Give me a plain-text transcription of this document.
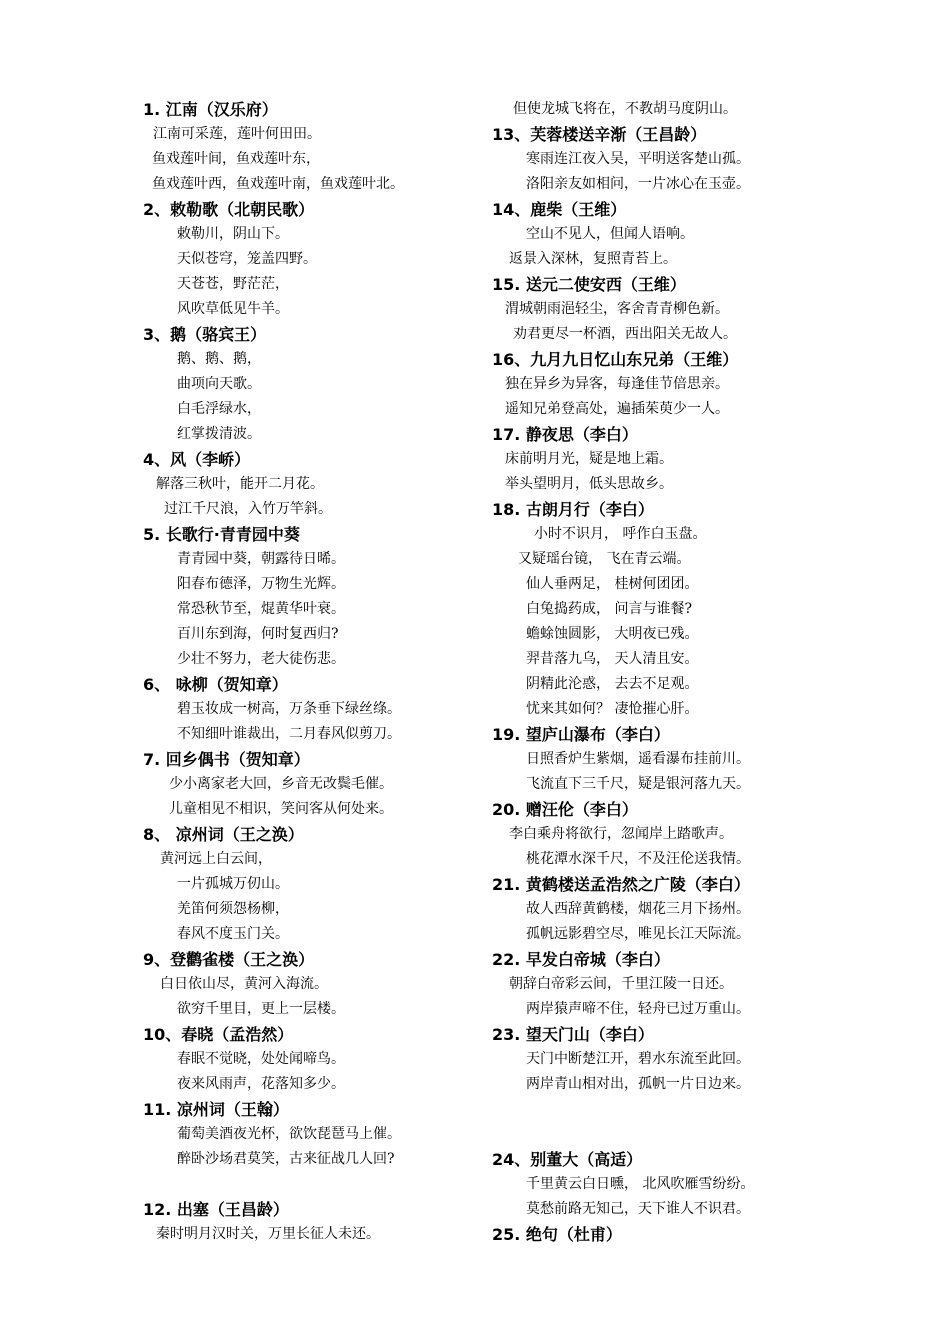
1. 江南（汉乐府）
江南可采莲，莲叶何田田。
鱼戏莲叶间，鱼戏莲叶东，
鱼戏莲叶西，鱼戏莲叶南，鱼戏莲叶北。
2、敕勒歌（北朝民歌）
敕勒川，阴山下。
天似苍穹，笼盖四野。
天苍苍，野茫茫，
风吹草低见牛羊。
3、鹅（骆宾王）
鹅、鹅、鹅，
曲项向天歌。
白毛浮绿水，
红掌拨清波。
4、风（李峤）
解落三秋叶，能开二月花。
过江千尺浪，入竹万竿斜。
5. 长歌行·青青园中葵
青青园中葵，朝露待日晞。
阳春布德泽，万物生光辉。
常恐秋节至，焜黄华叶衰。
百川东到海，何时复西归?
少壮不努力，老大徒伤悲。
6、 咏柳（贺知章）
碧玉妆成一树高，万条垂下绿丝绦。
不知细叶谁裁出，二月春风似剪刀。
7. 回乡偶书（贺知章）
少小离家老大回，乡音无改鬓毛催。
儿童相见不相识，笑问客从何处来。
8、 凉州词（王之涣）
黄河远上白云间，
一片孤城万仞山。
羌笛何须怨杨柳，
春风不度玉门关。
9、登鹳雀楼（王之涣）
白日依山尽，黄河入海流。
欲穷千里目，更上一层楼。
10、春晓（孟浩然）
春眠不觉晓，处处闻啼鸟。
夜来风雨声，花落知多少。
11. 凉州词（王翰）
葡萄美酒夜光杯，欲饮琵琶马上催。
醉卧沙场君莫笑，古来征战几人回?
12. 出塞（王昌龄）
秦时明月汉时关，万里长征人未还。
但使龙城飞将在，不教胡马度阴山。
13、芙蓉楼送辛渐（王昌龄）
寒雨连江夜入吴，平明送客楚山孤。
洛阳亲友如相问，一片冰心在玉壶。
14、鹿柴（王维）
空山不见人，但闻人语响。
返景入深林，复照青苔上。
15. 送元二使安西（王维）
渭城朝雨浥轻尘，客舍青青柳色新。
劝君更尽一杯酒，西出阳关无故人。
16、九月九日忆山东兄弟（王维）
独在异乡为异客，每逢佳节倍思亲。
遥知兄弟登高处，遍插茱萸少一人。
17. 静夜思（李白）
床前明月光，疑是地上霜。
举头望明月，低头思故乡。
18. 古朗月行（李白）
小时不识月， 呼作白玉盘。
又疑瑶台镜， 飞在青云端。
仙人垂两足， 桂树何团团。
白兔捣药成， 问言与谁餐?
蟾蜍蚀圆影， 大明夜已残。
羿昔落九乌， 天人清且安。
阴精此沦惑， 去去不足观。
忧来其如何？ 凄怆摧心肝。
19. 望庐山瀑布（李白）
日照香炉生紫烟，遥看瀑布挂前川。
飞流直下三千尺，疑是银河落九天。
20. 赠汪伦（李白）
李白乘舟将欲行，忽闻岸上踏歌声。
桃花潭水深千尺，不及汪伦送我情。
21. 黄鹤楼送孟浩然之广陵（李白）
故人西辞黄鹤楼，烟花三月下扬州。
孤帆远影碧空尽，唯见长江天际流。
22. 早发白帝城（李白）
朝辞白帝彩云间，千里江陵一日还。
两岸猿声啼不住，轻舟已过万重山。
23. 望天门山（李白）
天门中断楚江开，碧水东流至此回。
两岸青山相对出，孤帆一片日边来。
24、别董大（高适）
千里黄云白日曛， 北风吹雁雪纷纷。
莫愁前路无知己，天下谁人不识君。
25. 绝句（杜甫）
